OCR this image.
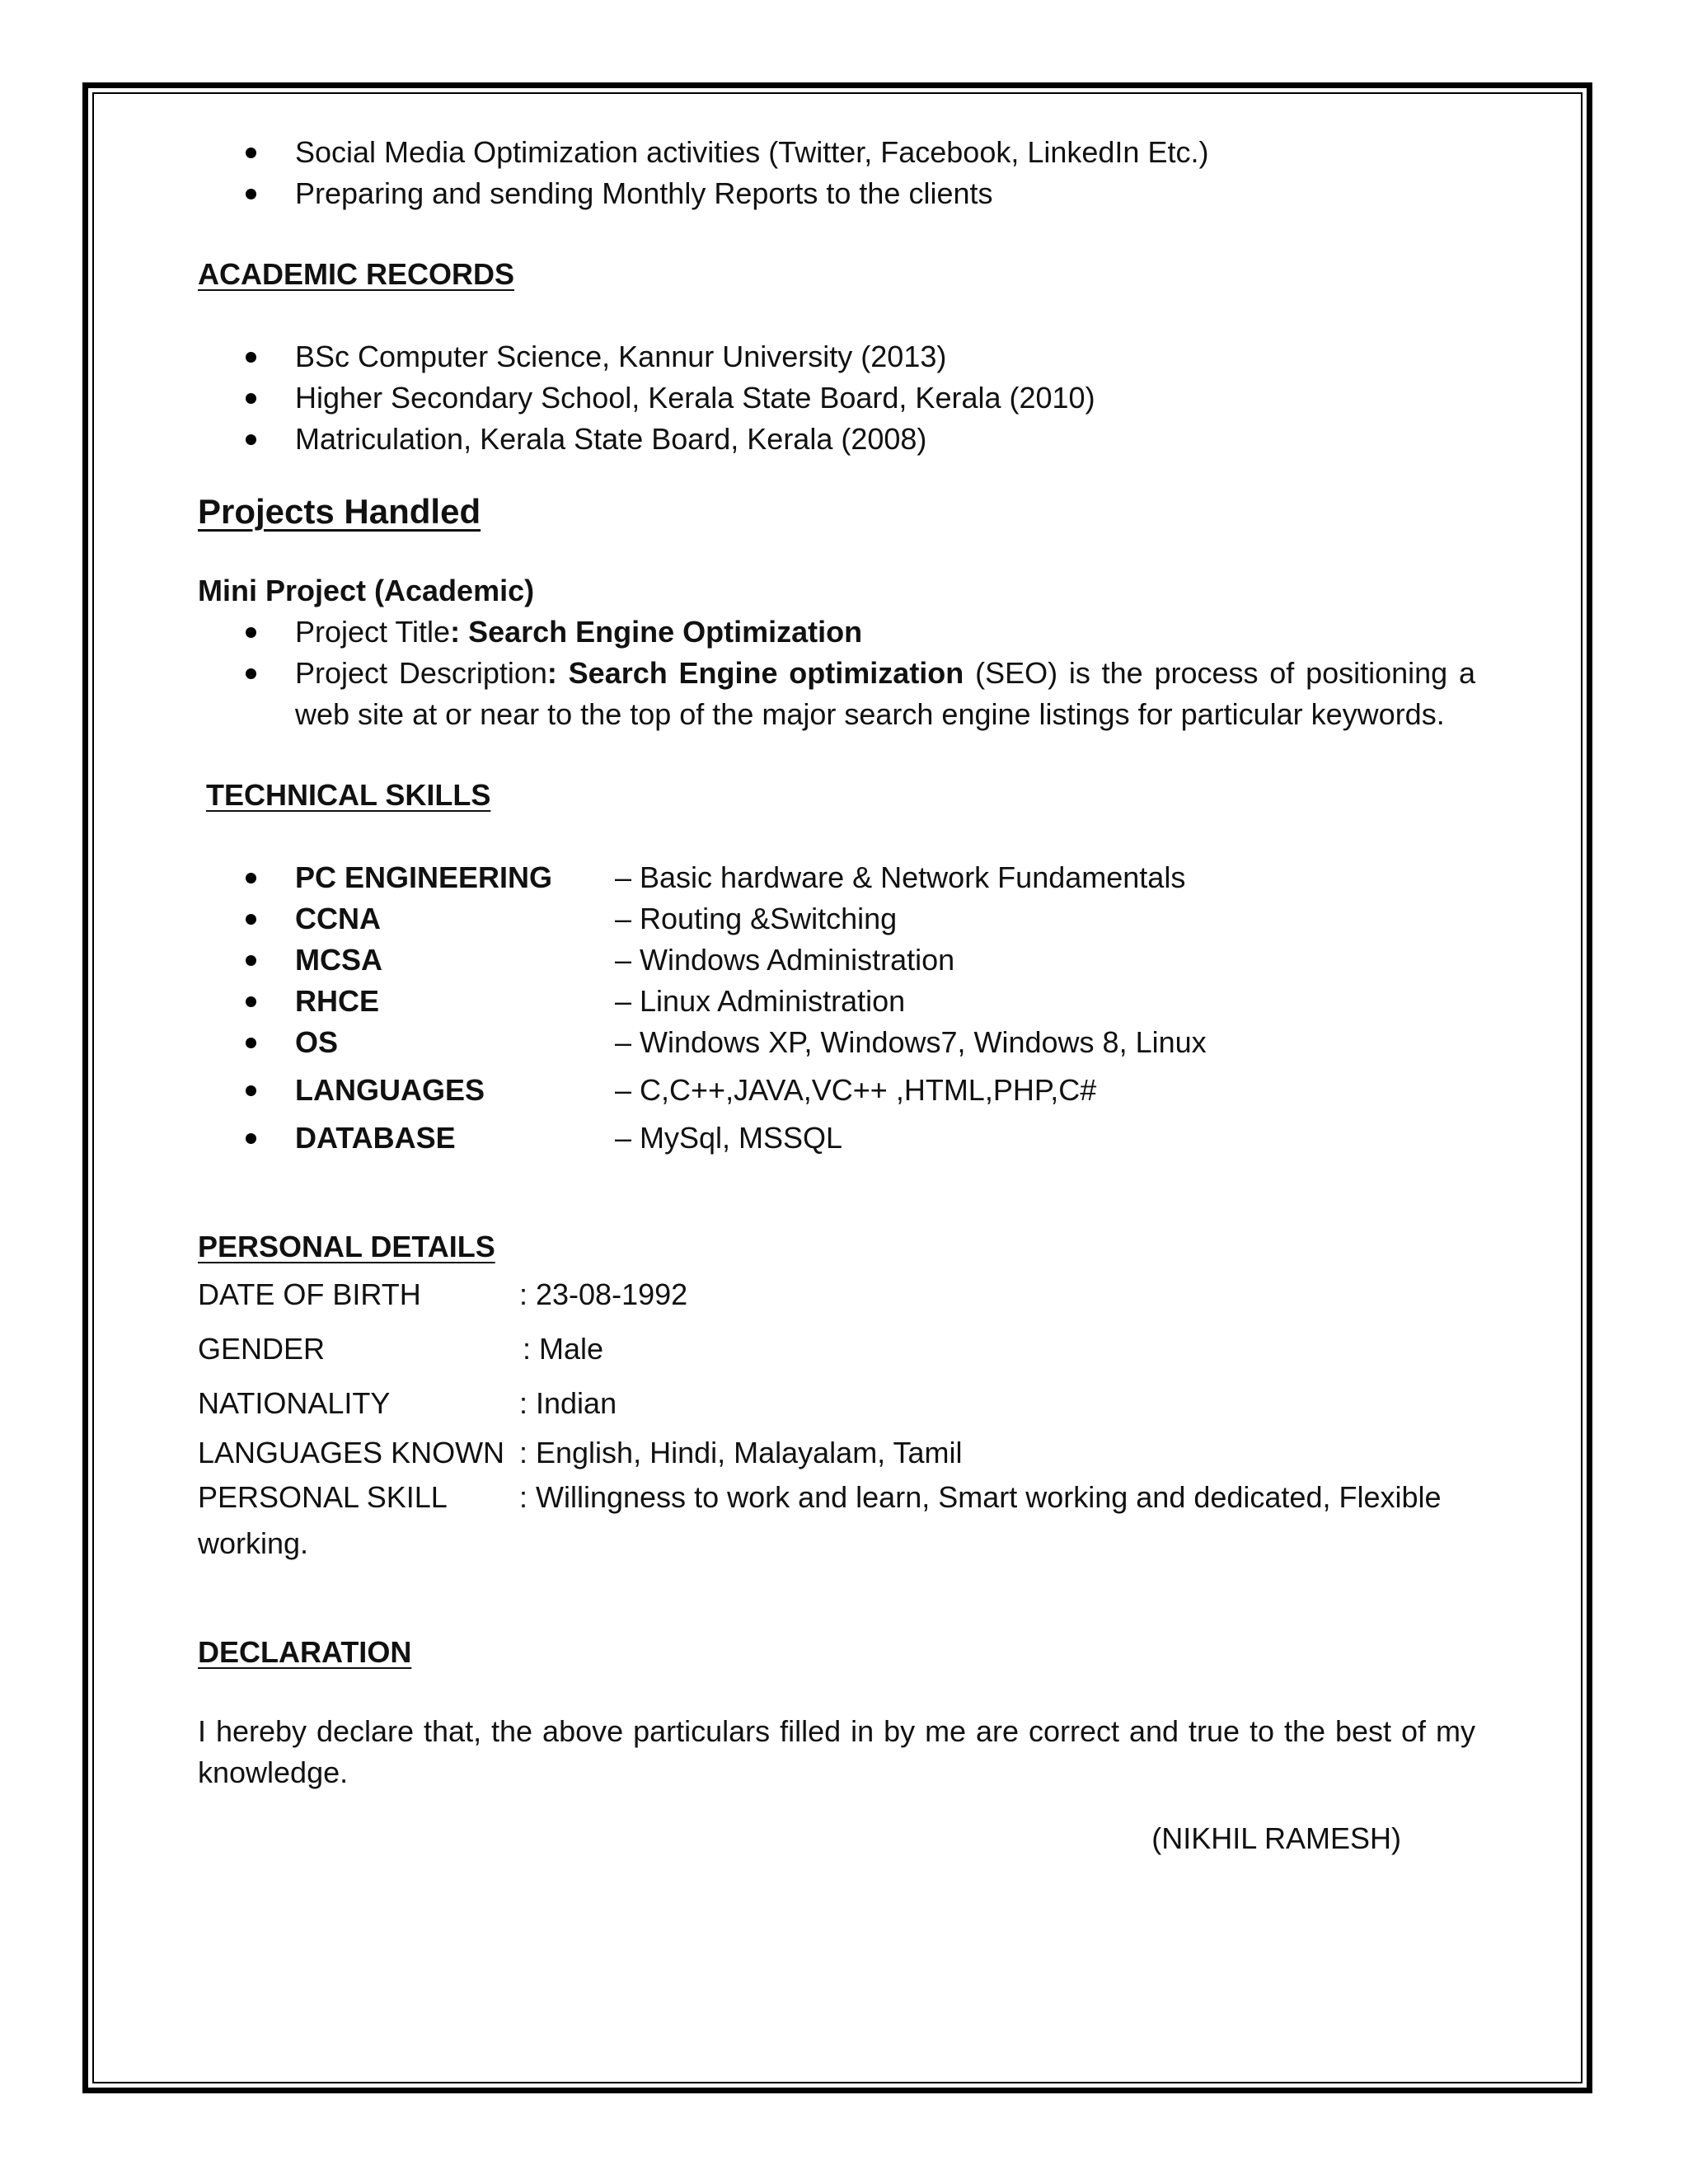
Social Media Optimization activities (Twitter, Facebook, LinkedIn Etc.)
Preparing and sending Monthly Reports to the clients

ACADEMIC RECORDS

BSc Computer Science, Kannur University (2013)
Higher Secondary School, Kerala State Board, Kerala (2010)
Matriculation, Kerala State Board, Kerala (2008)

Projects Handled

Mini Project (Academic)

Project Title: Search Engine Optimization
Project Description: Search Engine optimization (SEO) is the process of positioning a web site at or near to the top of the major search engine listings for particular keywords.

TECHNICAL SKILLS

PC ENGINEERING	– Basic hardware & Network Fundamentals
CCNA	– Routing &Switching
MCSA	– Windows Administration
RHCE	– Linux Administration
OS	– Windows XP, Windows7, Windows 8, Linux
LANGUAGES	– C,C++,JAVA,VC++ ,HTML,PHP,C#
DATABASE	– MySql, MSSQL

PERSONAL DETAILS

DATE OF BIRTH	: 23-08-1992
GENDER	: Male
NATIONALITY	: Indian
LANGUAGES KNOWN : English, Hindi, Malayalam, Tamil
PERSONAL SKILL	: Willingness to work and learn, Smart working and dedicated, Flexible
working.

DECLARATION

I hereby declare that, the above particulars filled in by me are correct and true to the best of my knowledge.

(NIKHIL RAMESH)
